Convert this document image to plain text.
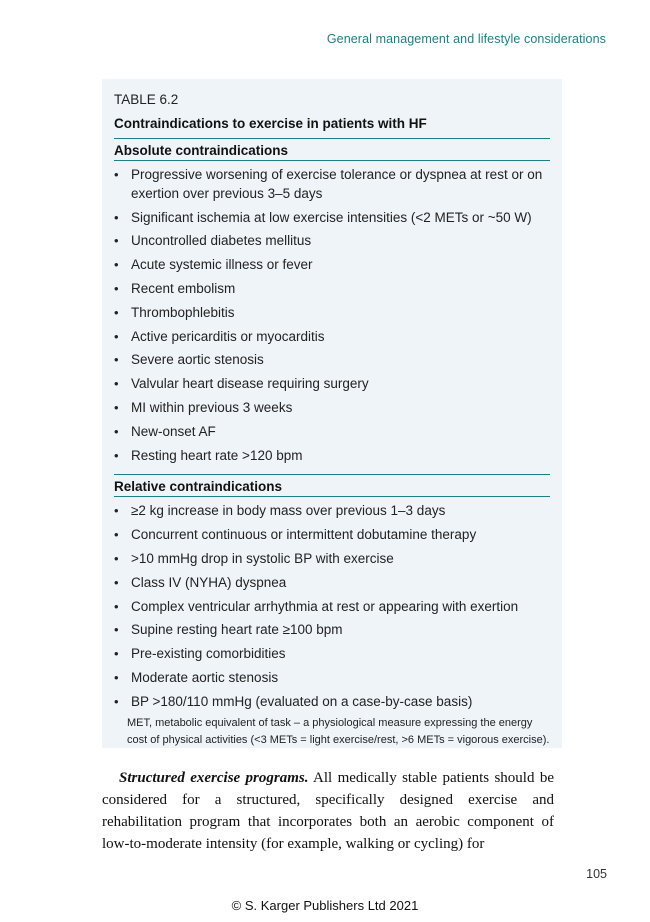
General management and lifestyle considerations
TABLE 6.2
Contraindications to exercise in patients with HF
Absolute contraindications
• Progressive worsening of exercise tolerance or dyspnea at rest or on exertion over previous 3–5 days
• Significant ischemia at low exercise intensities (<2 METs or ~50 W)
• Uncontrolled diabetes mellitus
• Acute systemic illness or fever
• Recent embolism
• Thrombophlebitis
• Active pericarditis or myocarditis
• Severe aortic stenosis
• Valvular heart disease requiring surgery
• MI within previous 3 weeks
• New-onset AF
• Resting heart rate >120 bpm
Relative contraindications
• ≥2 kg increase in body mass over previous 1–3 days
• Concurrent continuous or intermittent dobutamine therapy
• >10 mmHg drop in systolic BP with exercise
• Class IV (NYHA) dyspnea
• Complex ventricular arrhythmia at rest or appearing with exertion
• Supine resting heart rate ≥100 bpm
• Pre-existing comorbidities
• Moderate aortic stenosis
• BP >180/110 mmHg (evaluated on a case-by-case basis)
MET, metabolic equivalent of task – a physiological measure expressing the energy cost of physical activities (<3 METs = light exercise/rest, >6 METs = vigorous exercise).
Structured exercise programs. All medically stable patients should be considered for a structured, specifically designed exercise and rehabilitation program that incorporates both an aerobic component of low-to-moderate intensity (for example, walking or cycling) for
105
© S. Karger Publishers Ltd 2021
